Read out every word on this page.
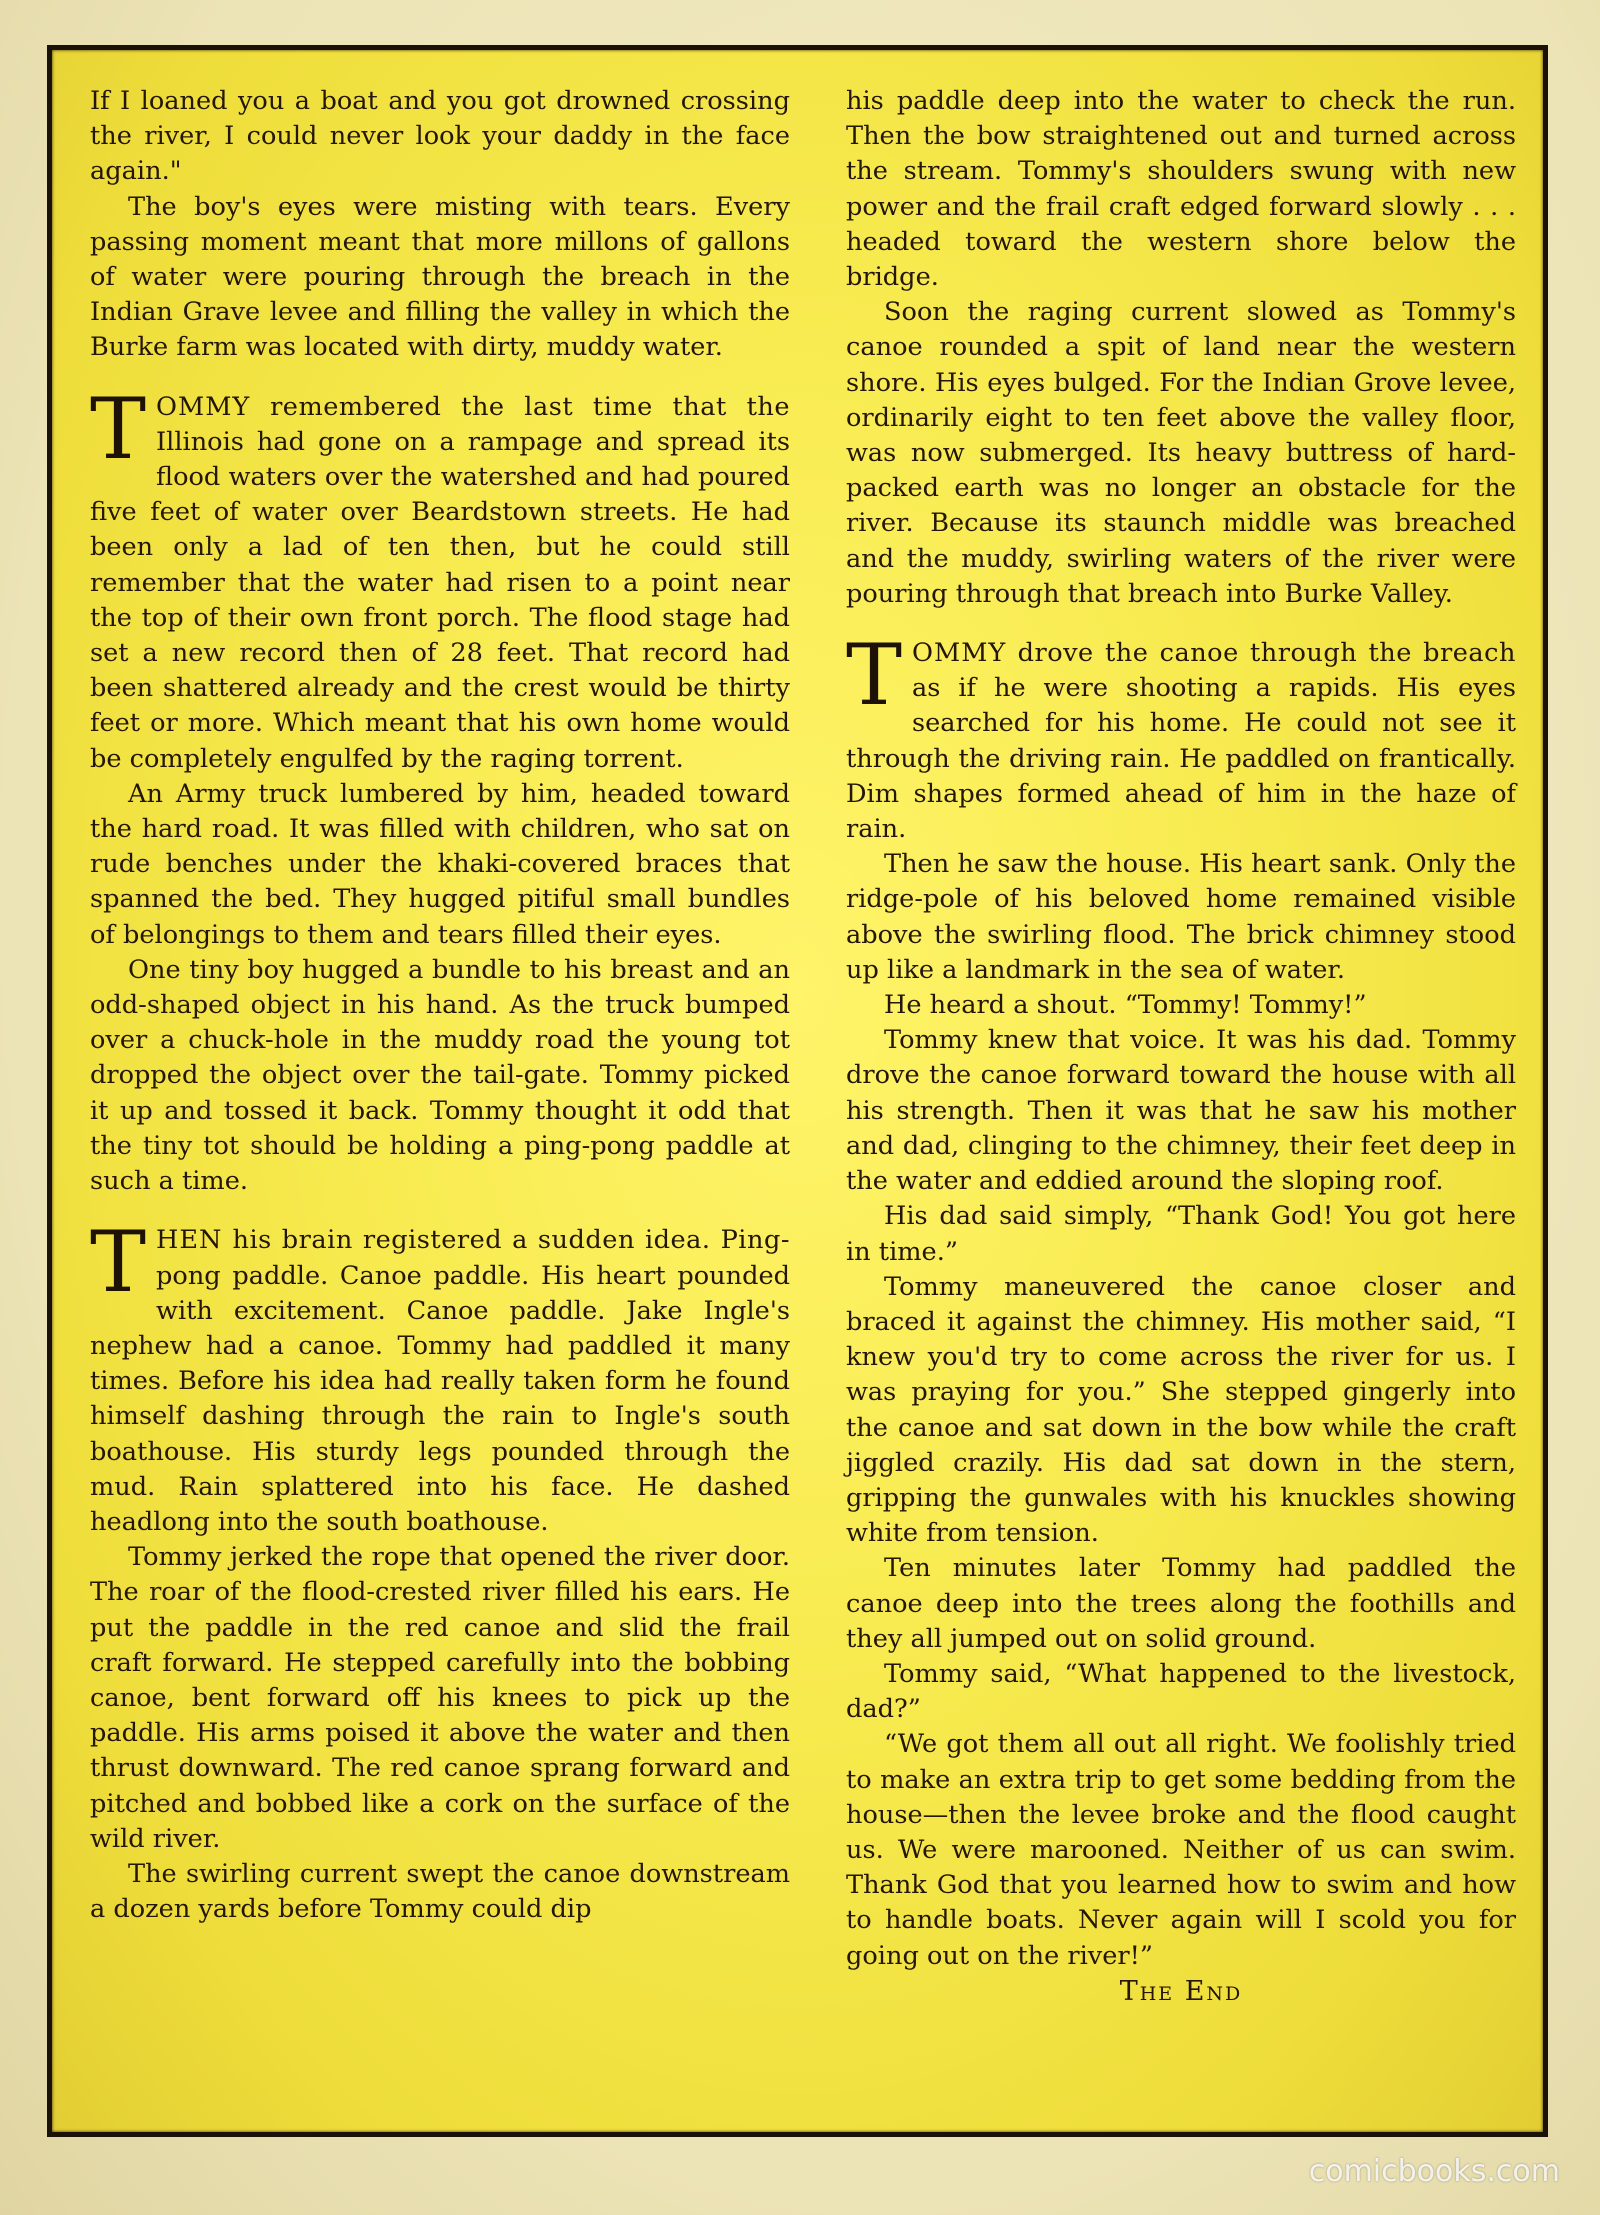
If I loaned you a boat and you got drowned crossing the river, I could never look your daddy in the face again."

The boy's eyes were misting with tears. Every passing moment meant that more millons of gallons of water were pouring through the breach in the Indian Grave levee and filling the valley in which the Burke farm was located with dirty, muddy water.

TOMMY remembered the last time that the Illinois had gone on a rampage and spread its flood waters over the watershed and had poured five feet of water over Beardstown streets. He had been only a lad of ten then, but he could still remember that the water had risen to a point near the top of their own front porch. The flood stage had set a new record then of 28 feet. That record had been shattered already and the crest would be thirty feet or more. Which meant that his own home would be completely engulfed by the raging torrent.

An Army truck lumbered by him, headed toward the hard road. It was filled with children, who sat on rude benches under the khaki-covered braces that spanned the bed. They hugged pitiful small bundles of belongings to them and tears filled their eyes.

One tiny boy hugged a bundle to his breast and an odd-shaped object in his hand. As the truck bumped over a chuck-hole in the muddy road the young tot dropped the object over the tail-gate. Tommy picked it up and tossed it back. Tommy thought it odd that the tiny tot should be holding a ping-pong paddle at such a time.

THEN his brain registered a sudden idea. Ping-pong paddle. Canoe paddle. His heart pounded with excitement. Canoe paddle. Jake Ingle's nephew had a canoe. Tommy had paddled it many times. Before his idea had really taken form he found himself dashing through the rain to Ingle's south boathouse. His sturdy legs pounded through the mud. Rain splattered into his face. He dashed headlong into the south boathouse.

Tommy jerked the rope that opened the river door. The roar of the flood-crested river filled his ears. He put the paddle in the red canoe and slid the frail craft forward. He stepped carefully into the bobbing canoe, bent forward off his knees to pick up the paddle. His arms poised it above the water and then thrust downward. The red canoe sprang forward and pitched and bobbed like a cork on the surface of the wild river.

The swirling current swept the canoe downstream a dozen yards before Tommy could dip

his paddle deep into the water to check the run. Then the bow straightened out and turned across the stream. Tommy's shoulders swung with new power and the frail craft edged forward slowly . . . headed toward the western shore below the bridge.

Soon the raging current slowed as Tommy's canoe rounded a spit of land near the western shore. His eyes bulged. For the Indian Grove levee, ordinarily eight to ten feet above the valley floor, was now submerged. Its heavy buttress of hard-packed earth was no longer an obstacle for the river. Because its staunch middle was breached and the muddy, swirling waters of the river were pouring through that breach into Burke Valley.

TOMMY drove the canoe through the breach as if he were shooting a rapids. His eyes searched for his home. He could not see it through the driving rain. He paddled on frantically. Dim shapes formed ahead of him in the haze of rain.

Then he saw the house. His heart sank. Only the ridge-pole of his beloved home remained visible above the swirling flood. The brick chimney stood up like a landmark in the sea of water.

He heard a shout. “Tommy! Tommy!”

Tommy knew that voice. It was his dad. Tommy drove the canoe forward toward the house with all his strength. Then it was that he saw his mother and dad, clinging to the chimney, their feet deep in the water and eddied around the sloping roof.

His dad said simply, “Thank God! You got here in time.”

Tommy maneuvered the canoe closer and braced it against the chimney. His mother said, “I knew you'd try to come across the river for us. I was praying for you.” She stepped gingerly into the canoe and sat down in the bow while the craft jiggled crazily. His dad sat down in the stern, gripping the gunwales with his knuckles showing white from tension.

Ten minutes later Tommy had paddled the canoe deep into the trees along the foothills and they all jumped out on solid ground.

Tommy said, “What happened to the livestock, dad?”

“We got them all out all right. We foolishly tried to make an extra trip to get some bedding from the house—then the levee broke and the flood caught us. We were marooned. Neither of us can swim. Thank God that you learned how to swim and how to handle boats. Never again will I scold you for going out on the river!”

The End

comicbooks.com
